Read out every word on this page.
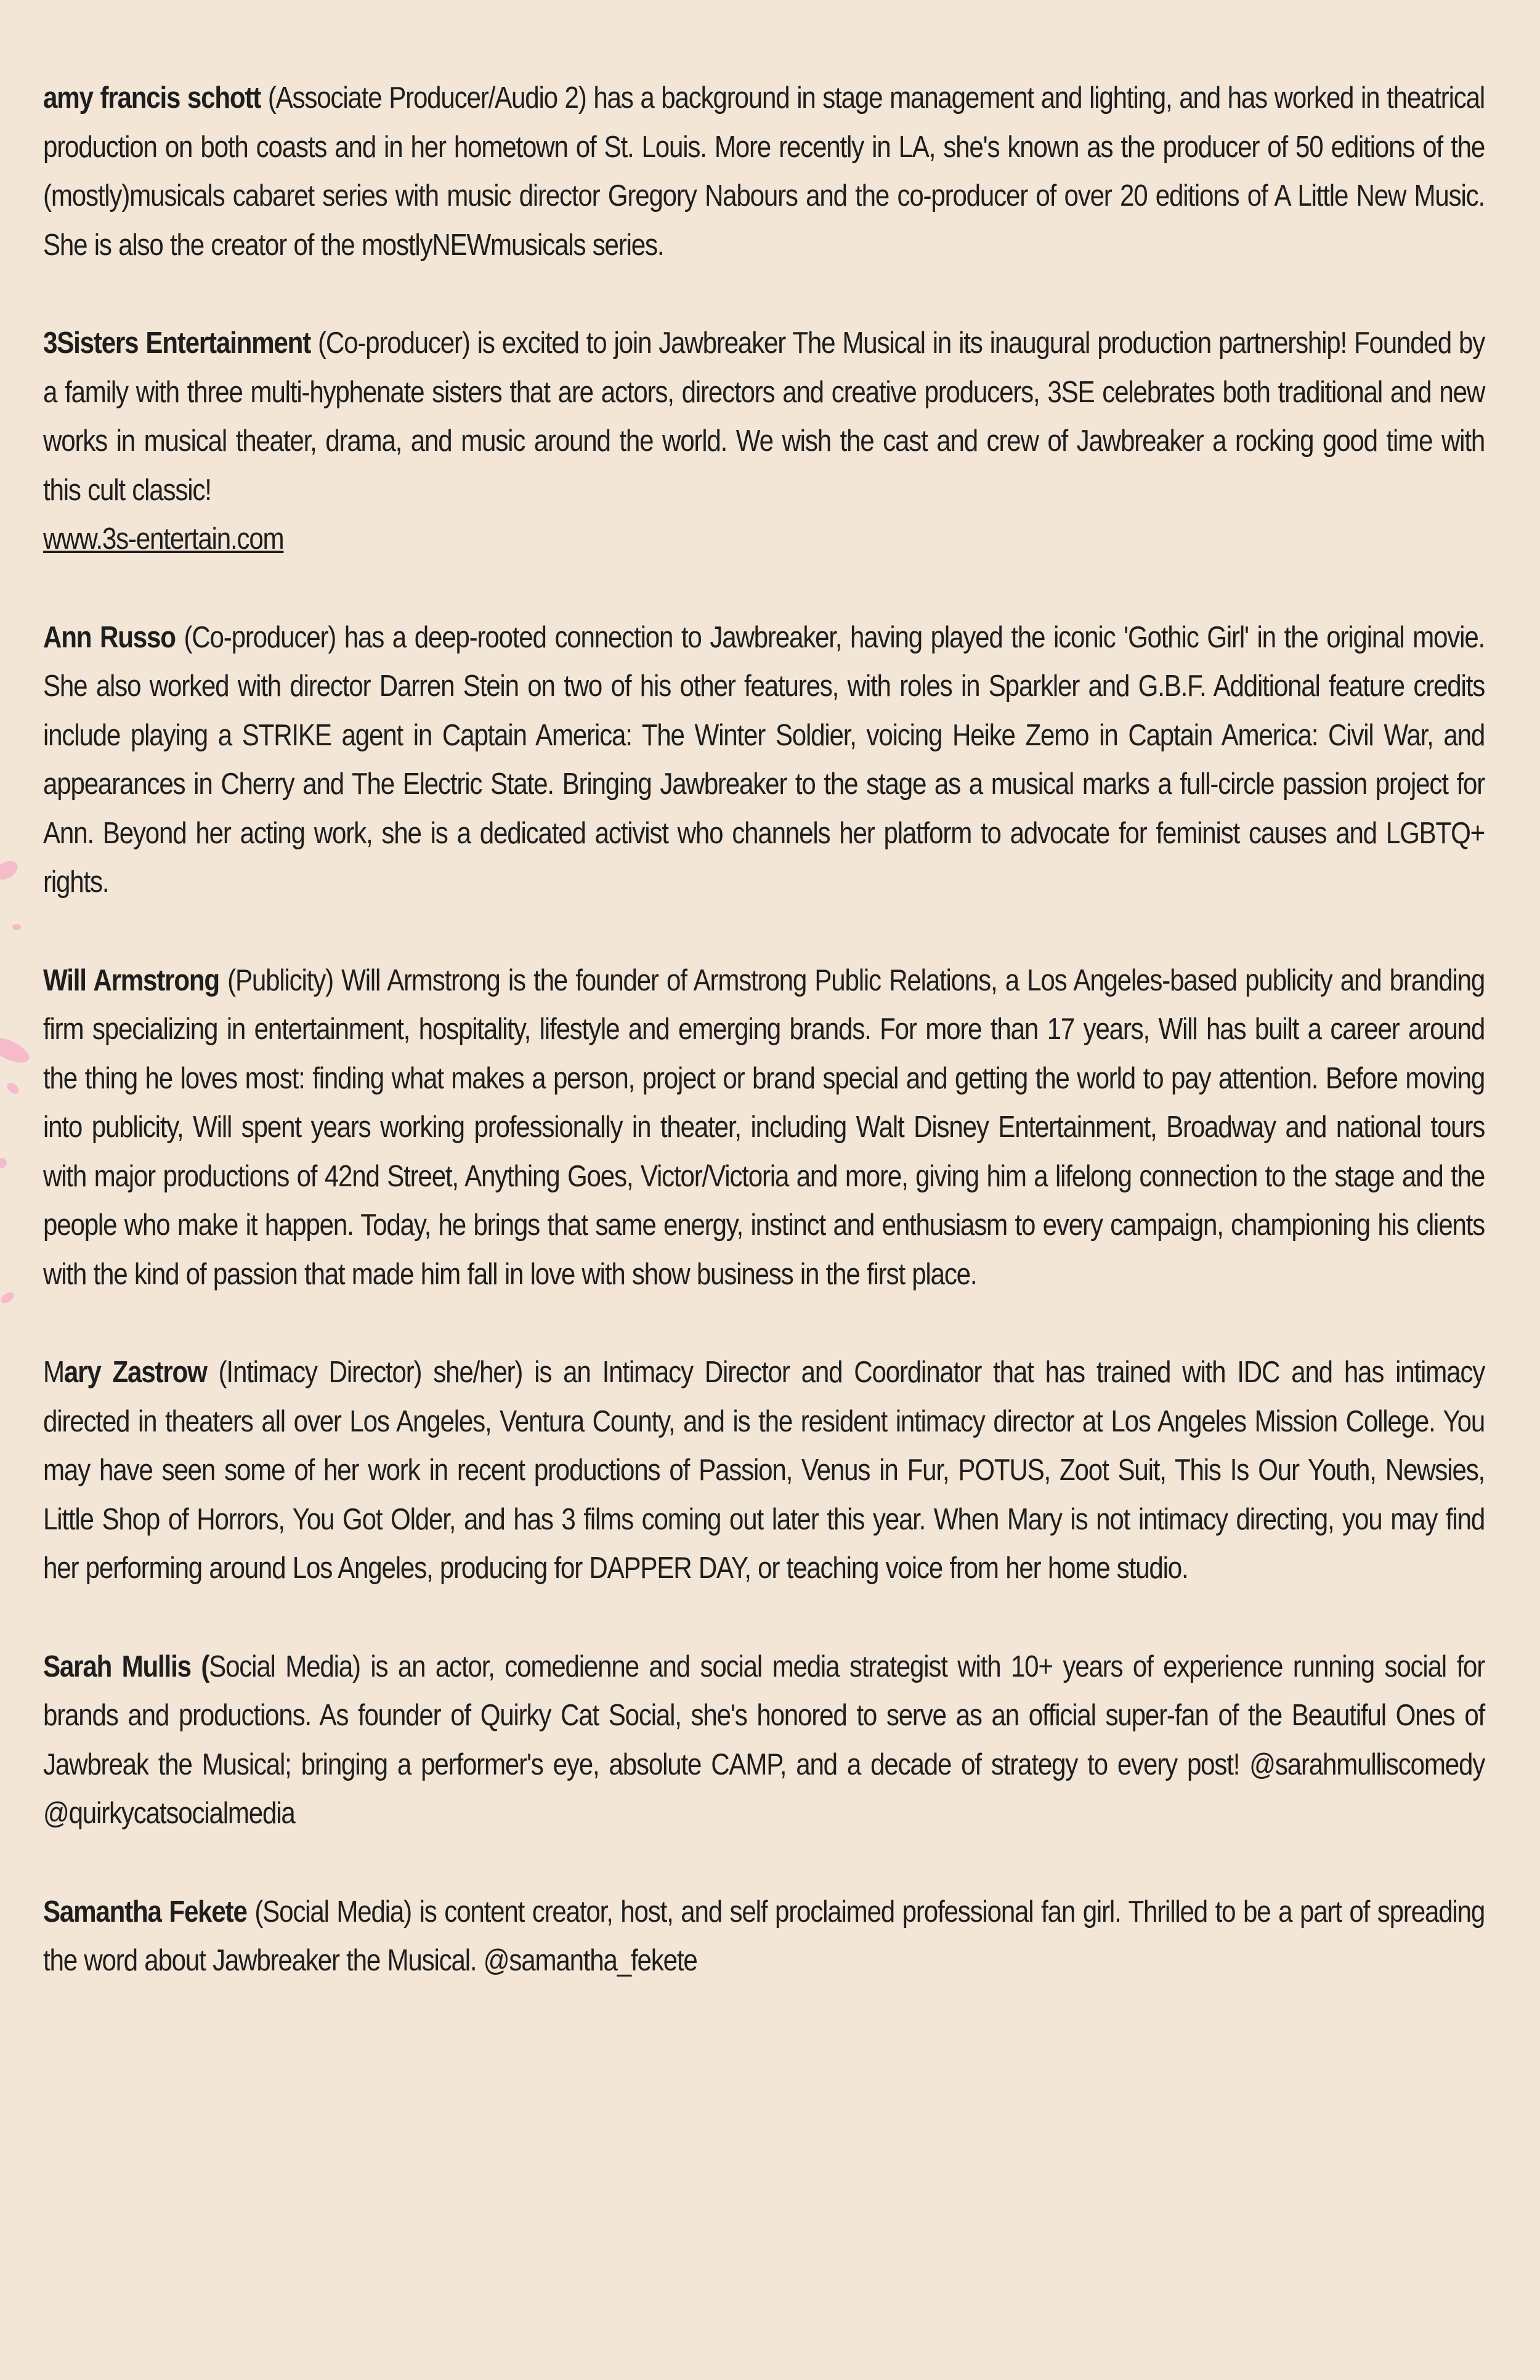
amy francis schott (Associate Producer/Audio 2) has a background in stage management and lighting, and has worked in theatrical production on both coasts and in her hometown of St. Louis. More recently in LA, she's known as the producer of 50 editions of the (mostly)musicals cabaret series with music director Gregory Nabours and the co-producer of over 20 editions of A Little New Music. She is also the creator of the mostlyNEWmusicals series.

3Sisters Entertainment (Co-producer) is excited to join Jawbreaker The Musical in its inaugural production partnership! Founded by a family with three multi-hyphenate sisters that are actors, directors and creative producers, 3SE celebrates both traditional and new works in musical theater, drama, and music around the world. We wish the cast and crew of Jawbreaker a rocking good time with this cult classic!
www.3s-entertain.com

Ann Russo (Co-producer) has a deep-rooted connection to Jawbreaker, having played the iconic 'Gothic Girl' in the original movie. She also worked with director Darren Stein on two of his other features, with roles in Sparkler and G.B.F. Additional feature credits include playing a STRIKE agent in Captain America: The Winter Soldier, voicing Heike Zemo in Captain America: Civil War, and appearances in Cherry and The Electric State. Bringing Jawbreaker to the stage as a musical marks a full-circle passion project for Ann. Beyond her acting work, she is a dedicated activist who channels her platform to advocate for feminist causes and LGBTQ+ rights.

Will Armstrong (Publicity) Will Armstrong is the founder of Armstrong Public Relations, a Los Angeles-based publicity and branding firm specializing in entertainment, hospitality, lifestyle and emerging brands. For more than 17 years, Will has built a career around the thing he loves most: finding what makes a person, project or brand special and getting the world to pay attention. Before moving into publicity, Will spent years working professionally in theater, including Walt Disney Entertainment, Broadway and national tours with major productions of 42nd Street, Anything Goes, Victor/Victoria and more, giving him a lifelong connection to the stage and the people who make it happen. Today, he brings that same energy, instinct and enthusiasm to every campaign, championing his clients with the kind of passion that made him fall in love with show business in the first place.

Mary Zastrow (Intimacy Director) she/her) is an Intimacy Director and Coordinator that has trained with IDC and has intimacy directed in theaters all over Los Angeles, Ventura County, and is the resident intimacy director at Los Angeles Mission College. You may have seen some of her work in recent productions of Passion, Venus in Fur, POTUS, Zoot Suit, This Is Our Youth, Newsies, Little Shop of Horrors, You Got Older, and has 3 films coming out later this year. When Mary is not intimacy directing, you may find her performing around Los Angeles, producing for DAPPER DAY, or teaching voice from her home studio.

Sarah Mullis (Social Media) is an actor, comedienne and social media strategist with 10+ years of experience running social for brands and productions. As founder of Quirky Cat Social, she's honored to serve as an official super-fan of the Beautiful Ones of Jawbreak the Musical; bringing a performer's eye, absolute CAMP, and a decade of strategy to every post! @sarahmulliscomedy @quirkycatsocialmedia

Samantha Fekete (Social Media) is content creator, host, and self proclaimed professional fan girl. Thrilled to be a part of spreading the word about Jawbreaker the Musical. @samantha_fekete
